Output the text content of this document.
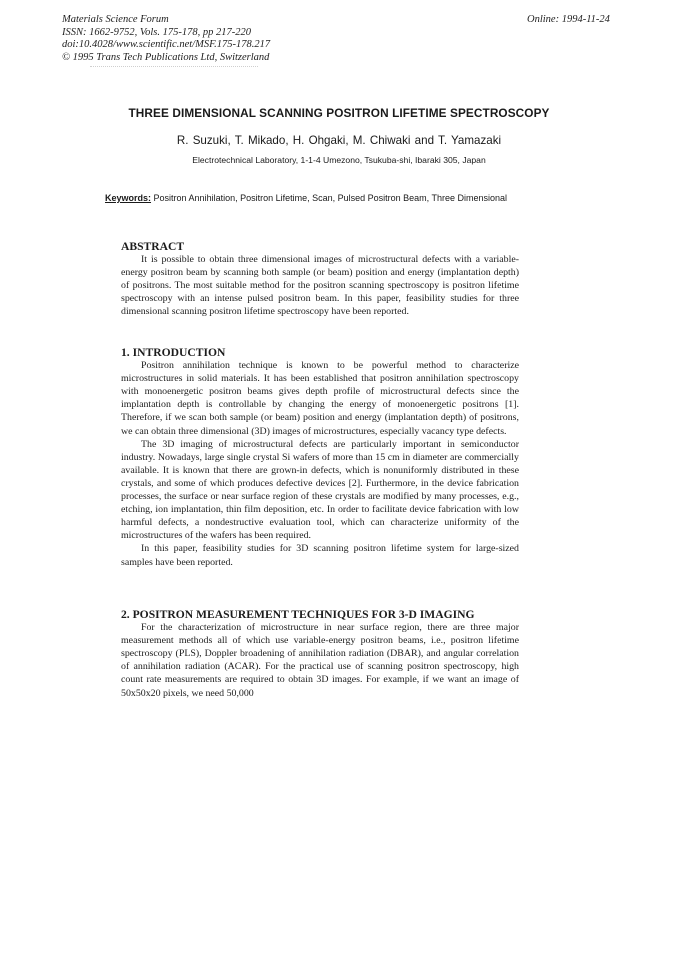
Materials Science Forum
ISSN: 1662-9752, Vols. 175-178, pp 217-220
doi:10.4028/www.scientific.net/MSF.175-178.217
© 1995 Trans Tech Publications Ltd, Switzerland
Online: 1994-11-24
THREE DIMENSIONAL SCANNING POSITRON LIFETIME SPECTROSCOPY
R. Suzuki, T. Mikado, H. Ohgaki, M. Chiwaki and T. Yamazaki
Electrotechnical Laboratory, 1-1-4 Umezono, Tsukuba-shi, Ibaraki 305, Japan
Keywords: Positron Annihilation, Positron Lifetime, Scan, Pulsed Positron Beam, Three Dimensional
ABSTRACT

It is possible to obtain three dimensional images of microstructural defects with a variable-energy positron beam by scanning both sample (or beam) position and energy (implantation depth) of positrons. The most suitable method for the positron scanning spectroscopy is positron lifetime spectroscopy with an intense pulsed positron beam. In this paper, feasibility studies for three dimensional scanning positron lifetime spectroscopy have been reported.

1. INTRODUCTION

Positron annihilation technique is known to be powerful method to characterize microstructures in solid materials. It has been established that positron annihilation spectroscopy with monoenergetic positron beams gives depth profile of microstructural defects since the implantation depth is controllable by changing the energy of monoenergetic positrons [1]. Therefore, if we scan both sample (or beam) position and energy (implantation depth) of positrons, we can obtain three dimensional (3D) images of microstructures, especially vacancy type defects.

The 3D imaging of microstructural defects are particularly important in semiconductor industry. Nowadays, large single crystal Si wafers of more than 15 cm in diameter are commercially available. It is known that there are grown-in defects, which is nonuniformly distributed in these crystals, and some of which produces defective devices [2]. Furthermore, in the device fabrication processes, the surface or near surface region of these crystals are modified by many processes, e.g., etching, ion implantation, thin film deposition, etc. In order to facilitate device fabrication with low harmful defects, a nondestructive evaluation tool, which can characterize uniformity of the microstructures of the wafers has been required.

In this paper, feasibility studies for 3D scanning positron lifetime system for large-sized samples have been reported.

2. POSITRON MEASUREMENT TECHNIQUES FOR 3-D IMAGING

For the characterization of microstructure in near surface region, there are three major measurement methods all of which use variable-energy positron beams, i.e., positron lifetime spectroscopy (PLS), Doppler broadening of annihilation radiation (DBAR), and angular correlation of annihilation radiation (ACAR). For the practical use of scanning positron spectroscopy, high count rate measurements are required to obtain 3D images. For example, if we want an image of 50x50x20 pixels, we need 50,000
